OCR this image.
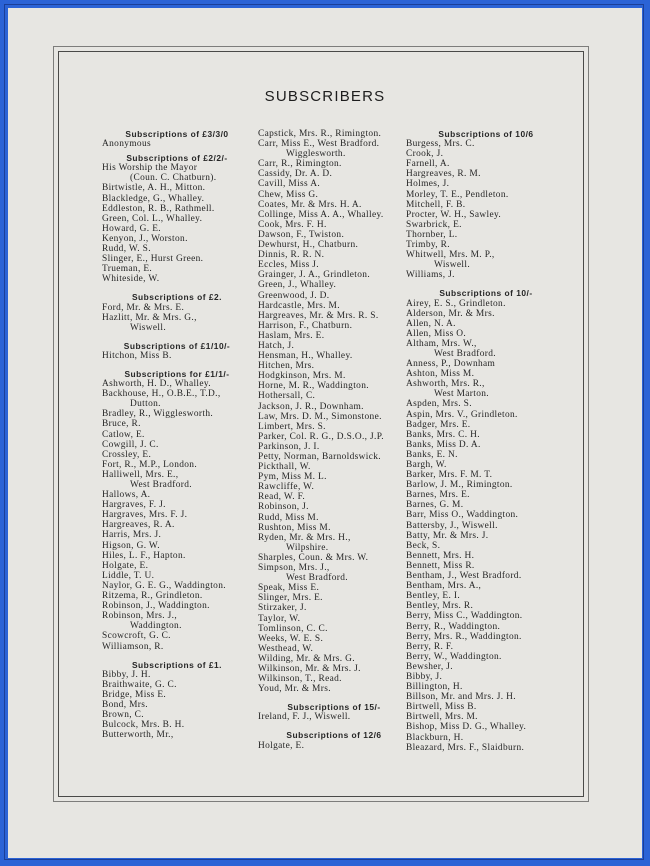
SUBSCRIBERS
Subscriptions of £3/3/0
Anonymous
Subscriptions of £2/2/-
His Worship the Mayor
(Coun. C. Chatburn).
Birtwistle, A. H., Mitton.
Blackledge, G., Whalley.
Eddleston, R. B., Rathmell.
Green, Col. L., Whalley.
Howard, G. E.
Kenyon, J., Worston.
Rudd, W. S.
Slinger, E., Hurst Green.
Trueman, E.
Whiteside, W.
Subscriptions of £2.
Ford, Mr. & Mrs. E.
Hazlitt, Mr. & Mrs. G.,
Wiswell.
Subscriptions of £1/10/-
Hitchon, Miss B.
Subscriptions for £1/1/-
Ashworth, H. D., Whalley.
Backhouse, H., O.B.E., T.D.,
Dutton.
Bradley, R., Wigglesworth.
Bruce, R.
Catlow, E.
Cowgill, J. C.
Crossley, E.
Fort, R., M.P., London.
Halliwell, Mrs. E.,
West Bradford.
Hallows, A.
Hargraves, F. J.
Hargraves, Mrs. F. J.
Hargreaves, R. A.
Harris, Mrs. J.
Higson, G. W.
Hiles, L. F., Hapton.
Holgate, E.
Liddle, T. U.
Naylor, G. E. G., Waddington.
Ritzema, R., Grindleton.
Robinson, J., Waddington.
Robinson, Mrs. J.,
Waddington.
Scowcroft, G. C.
Williamson, R.
Subscriptions of £1.
Bibby, J. H.
Braithwaite, G. C.
Bridge, Miss E.
Bond, Mrs.
Brown, C.
Bulcock, Mrs. B. H.
Butterworth, Mr.,
Capstick, Mrs. R., Rimington.
Carr, Miss E., West Bradford.
Wigglesworth.
Carr, R., Rimington.
Cassidy, Dr. A. D.
Cavill, Miss A.
Chew, Miss G.
Coates, Mr. & Mrs. H. A.
Collinge, Miss A. A., Whalley.
Cook, Mrs. F. H.
Dawson, F., Twiston.
Dewhurst, H., Chatburn.
Dinnis, R. R. N.
Eccles, Miss J.
Grainger, J. A., Grindleton.
Green, J., Whalley.
Greenwood, J. D.
Hardcastle, Mrs. M.
Hargreaves, Mr. & Mrs. R. S.
Harrison, F., Chatburn.
Haslam, Mrs. E.
Hatch, J.
Hensman, H., Whalley.
Hitchen, Mrs.
Hodgkinson, Mrs. M.
Horne, M. R., Waddington.
Hothersall, C.
Jackson, J. R., Downham.
Law, Mrs. D. M., Simonstone.
Limbert, Mrs. S.
Parker, Col. R. G., D.S.O., J.P.
Parkinson, J. I.
Petty, Norman, Barnoldswick.
Pickthall, W.
Pym, Miss M. L.
Rawcliffe, W.
Read, W. F.
Robinson, J.
Rudd, Miss M.
Rushton, Miss M.
Ryden, Mr. & Mrs. H.,
Wilpshire.
Sharples, Coun. & Mrs. W.
Simpson, Mrs. J.,
West Bradford.
Speak, Miss E.
Slinger, Mrs. E.
Stirzaker, J.
Taylor, W.
Tomlinson, C. C.
Weeks, W. E. S.
Westhead, W.
Wilding, Mr. & Mrs. G.
Wilkinson, Mr. & Mrs. J.
Wilkinson, T., Read.
Youd, Mr. & Mrs.
Subscriptions of 15/-
Ireland, F. J., Wiswell.
Subscriptions of 12/6
Holgate, E.
Subscriptions of 10/6
Burgess, Mrs. C.
Crook, J.
Farnell, A.
Hargreaves, R. M.
Holmes, J.
Morley, T. E., Pendleton.
Mitchell, F. B.
Procter, W. H., Sawley.
Swarbrick, E.
Thornber, L.
Trimby, R.
Whitwell, Mrs. M. P.,
Wiswell.
Williams, J.
Subscriptions of 10/-
Airey, E. S., Grindleton.
Alderson, Mr. & Mrs.
Allen, N. A.
Allen, Miss O.
Altham, Mrs. W.,
West Bradford.
Anness, P., Downham
Ashton, Miss M.
Ashworth, Mrs. R.,
West Marton.
Aspden, Mrs. S.
Aspin, Mrs. V., Grindleton.
Badger, Mrs. E.
Banks, Mrs. C. H.
Banks, Miss D. A.
Banks, E. N.
Bargh, W.
Barker, Mrs. F. M. T.
Barlow, J. M., Rimington.
Barnes, Mrs. E.
Barnes, G. M.
Barr, Miss O., Waddington.
Battersby, J., Wiswell.
Batty, Mr. & Mrs. J.
Beck, S.
Bennett, Mrs. H.
Bennett, Miss R.
Bentham, J., West Bradford.
Bentham, Mrs. A.,
Bentley, E. I.
Bentley, Mrs. R.
Berry, Miss C., Waddington.
Berry, R., Waddington.
Berry, Mrs. R., Waddington.
Berry, R. F.
Berry, W., Waddington.
Bewsher, J.
Bibby, J.
Billington, H.
Billson, Mr. and Mrs. J. H.
Birtwell, Miss B.
Birtwell, Mrs. M.
Bishop, Miss D. G., Whalley.
Blackburn, H.
Bleazard, Mrs. F., Slaidburn.
